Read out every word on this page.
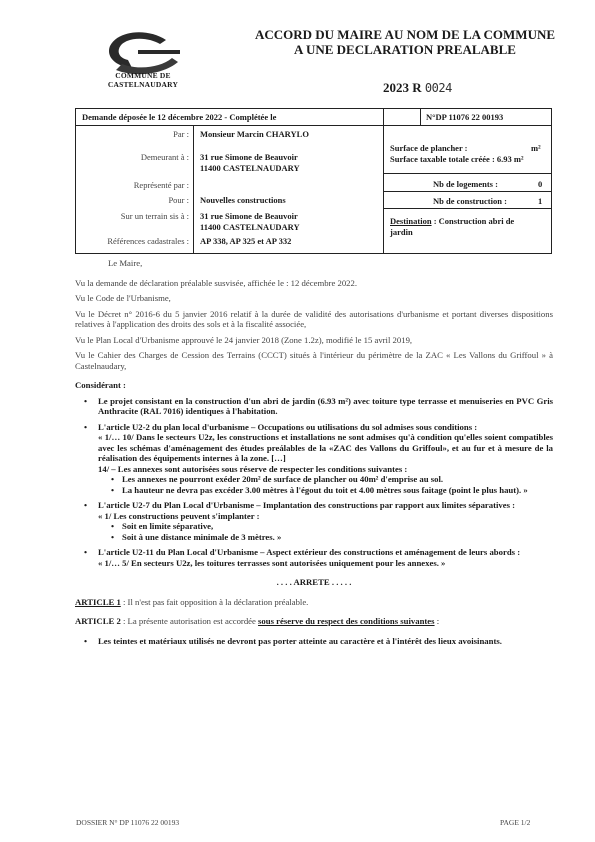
COMMUNE DE
CASTELNAUDARY
ACCORD DU MAIRE AU NOM DE LA COMMUNE
A UNE DECLARATION PREALABLE
2023 R 0024
Demande déposée le 12 décembre 2022 - Complétée le	N°DP 11076 22 00193
Par : Monsieur Marcin CHARYLO
Demeurant à : 31 rue Simone de Beauvoir
11400 CASTELNAUDARY
Représenté par :
Pour : Nouvelles constructions
Sur un terrain sis à : 31 rue Simone de Beauvoir
11400 CASTELNAUDARY
Références cadastrales : AP 338, AP 325 et AP 332
Surface de plancher :	m²
Surface taxable totale créée : 6.93 m²
Nb de logements :	0
Nb de construction :	1
Destination : Construction abri de
jardin

Le Maire,

Vu la demande de déclaration préalable susvisée, affichée le : 12 décembre 2022.

Vu le Code de l'Urbanisme,

Vu le Décret n° 2016-6 du 5 janvier 2016 relatif à la durée de validité des autorisations d'urbanisme et portant diverses dispositions relatives à l'application des droits des sols et à la fiscalité associée,

Vu le Plan Local d'Urbanisme approuvé le 24 janvier 2018 (Zone 1.2z), modifié le 15 avril 2019,

Vu le Cahier des Charges de Cession des Terrains (CCCT) situés à l'intérieur du périmètre de la ZAC « Les Vallons du Griffoul » à Castelnaudary,

Considérant :

• Le projet consistant en la construction d'un abri de jardin (6.93 m²) avec toiture type terrasse et menuiseries en PVC Gris Anthracite (RAL 7016) identiques à l'habitation.
• L'article U2-2 du plan local d'urbanisme – Occupations ou utilisations du sol admises sous conditions :

« 1/… 10/ Dans le secteurs U2z, les constructions et installations ne sont admises qu'à condition qu'elles soient compatibles avec les schémas d'aménagement des études preálables de la «ZAC des Vallons du Griffoul», et au fur et à mesure de la réalisation des équipements internes à la zone. […]

14/ – Les annexes sont autorisées sous réserve de respecter les conditions suivantes :

• Les annexes ne pourront exéder 20m² de surface de plancher ou 40m² d'emprise au sol.
• La hauteur ne devra pas excéder 3.00 mètres à l'égout du toit et 4.00 mètres sous faitage (point le plus haut). »
• L'article U2-7 du Plan Local d'Urbanisme – Implantation des constructions par rapport aux limites séparatives :

« 1/ Les constructions peuvent s'implanter :

• Soit en limite séparative,
• Soit à une distance minimale de 3 mètres. »
• L'article U2-11 du Plan Local d'Urbanisme – Aspect extérieur des constructions et aménagement de leurs abords :

« 1/… 5/ En secteurs U2z, les toitures terrasses sont autorisées uniquement pour les annexes. »

. . . . ARRETE . . . . .

ARTICLE 1 : Il n'est pas fait opposition à la déclaration préalable.

ARTICLE 2 : La présente autorisation est accordée sous réserve du respect des conditions suivantes :

• Les teintes et matériaux utilisés ne devront pas porter atteinte au caractère et à l'intérêt des lieux avoisinants.
DOSSIER N° DP 11076 22 00193	PAGE 1/2
